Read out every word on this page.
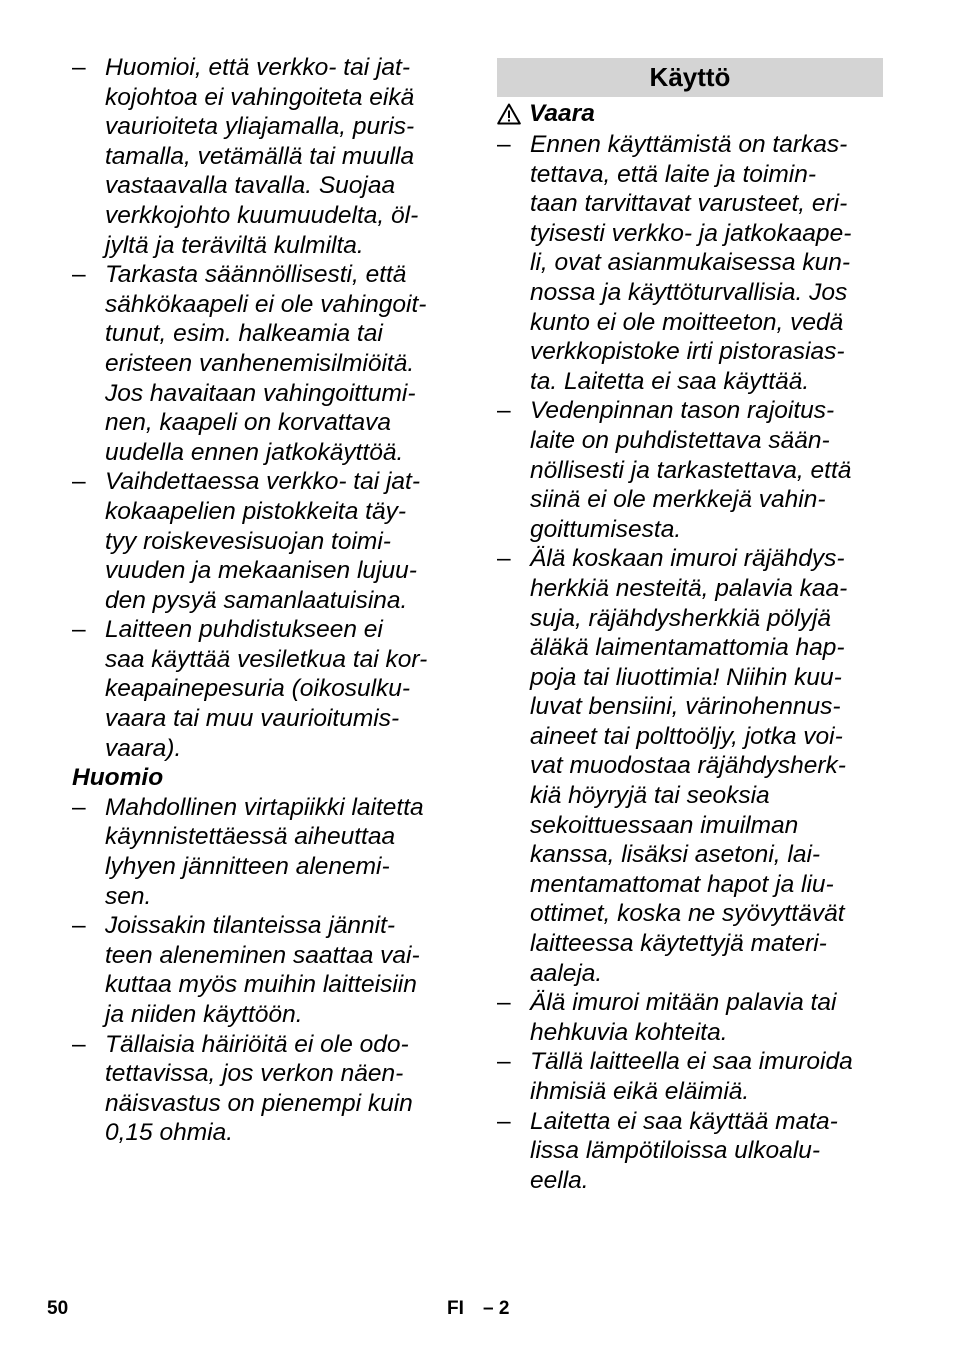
– Huomioi, että verkko- tai jat-
kojohtoa ei vahingoiteta eikä
vaurioiteta yliajamalla, puris-
tamalla, vetämällä tai muulla
vastaavalla tavalla. Suojaa
verkkojohto kuumuudelta, öl-
jyltä ja teräviltä kulmilta.
– Tarkasta säännöllisesti, että
sähkökaapeli ei ole vahingoit-
tunut, esim. halkeamia tai
eristeen vanhenemisilmiöitä.
Jos havaitaan vahingoittumi-
nen, kaapeli on korvattava
uudella ennen jatkokäyttöä.
– Vaihdettaessa verkko- tai jat-
kokaapelien pistokkeita täy-
tyy roiskevesisuojan toimi-
vuuden ja mekaanisen lujuu-
den pysyä samanlaatuisina.
– Laitteen puhdistukseen ei
saa käyttää vesiletkua tai kor-
keapainepesuria (oikosulku-
vaara tai muu vaurioitumis-
vaara).
Huomio
– Mahdollinen virtapiikki laitetta
käynnistettäessä aiheuttaa
lyhyen jännitteen alenemi-
sen.
– Joissakin tilanteissa jännit-
teen aleneminen saattaa vai-
kuttaa myös muihin laitteisiin
ja niiden käyttöön.
– Tällaisia häiriöitä ei ole odo-
tettavissa, jos verkon näen-
näisvastus on pienempi kuin
0,15 ohmia.
Käyttö
Vaara
– Ennen käyttämistä on tarkas-
tettava, että laite ja toimin-
taan tarvittavat varusteet, eri-
tyisesti verkko- ja jatkokaape-
li, ovat asianmukaisessa kun-
nossa ja käyttöturvallisia. Jos
kunto ei ole moitteeton, vedä
verkkopistoke irti pistorasias-
ta. Laitetta ei saa käyttää.
– Vedenpinnan tason rajoitus-
laite on puhdistettava sään-
nöllisesti ja tarkastettava, että
siinä ei ole merkkejä vahin-
goittumisesta.
– Älä koskaan imuroi räjähdys-
herkkiä nesteitä, palavia kaa-
suja, räjähdysherkkiä pölyjä
äläkä laimentamattomia hap-
poja tai liuottimia! Niihin kuu-
luvat bensiini, värinohennus-
aineet tai polttoöljy, jotka voi-
vat muodostaa räjähdysherk-
kiä höyryjä tai seoksia
sekoittuessaan imuilman
kanssa, lisäksi asetoni, lai-
mentamattomat hapot ja liu-
ottimet, koska ne syövyttävät
laitteessa käytettyjä materi-
aaleja.
– Älä imuroi mitään palavia tai
hehkuvia kohteita.
– Tällä laitteella ei saa imuroida
ihmisiä eikä eläimiä.
– Laitetta ei saa käyttää mata-
lissa lämpötiloissa ulkoalu-
eella.
50	FI – 2
